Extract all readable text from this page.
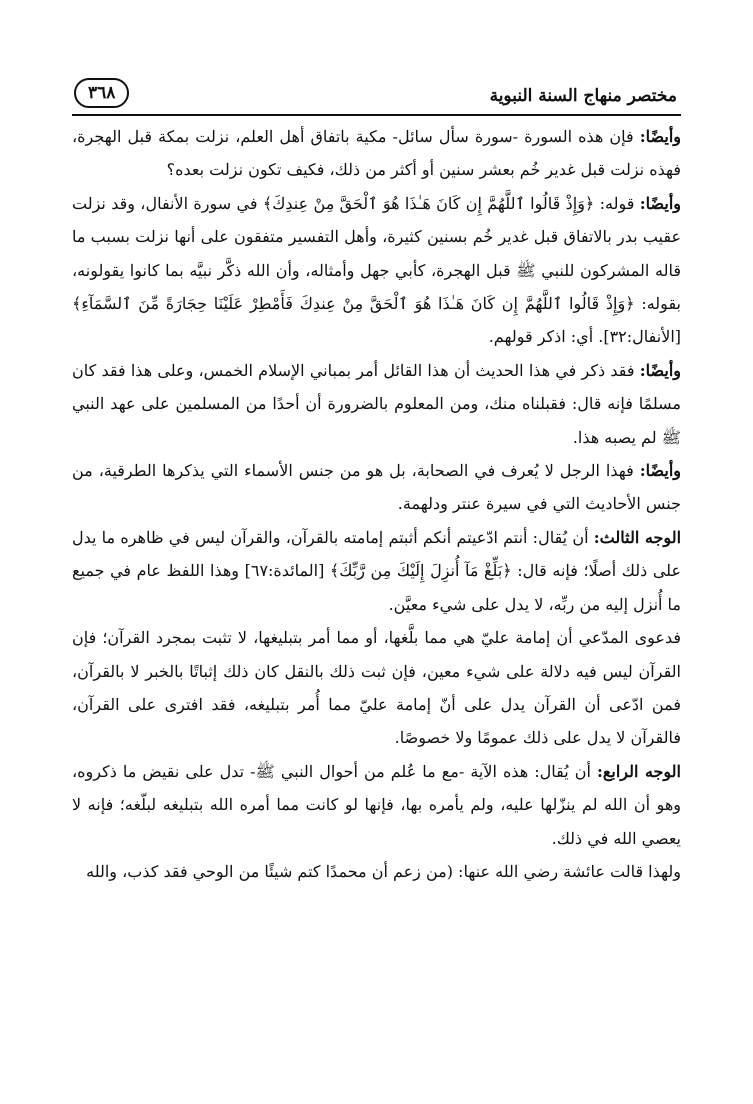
مختصر منهاج السنة النبوية
٣٦٨

وأيضًا: فإن هذه السورة -سورة سأل سائل- مكية باتفاق أهل العلم، نزلت بمكة قبل الهجرة، فهذه نزلت قبل غدير خُم بعشر سنين أو أكثر من ذلك، فكيف تكون نزلت بعده؟

وأيضًا: قوله: ﴿وَإِذْ قَالُوا ٱللَّهُمَّ إِن كَانَ هَـٰذَا هُوَ ٱلْحَقَّ مِنْ عِندِكَ﴾ في سورة الأنفال، وقد نزلت عقيب بدر بالاتفاق قبل غدير خُم بسنين كثيرة، وأهل التفسير متفقون على أنها نزلت بسبب ما قاله المشركون للنبي ﷺ قبل الهجرة، كأبي جهل وأمثاله، وأن الله ذكَّر نبيَّه بما كانوا يقولونه، بقوله: ﴿وَإِذْ قَالُوا ٱللَّهُمَّ إِن كَانَ هَـٰذَا هُوَ ٱلْحَقَّ مِنْ عِندِكَ فَأَمْطِرْ عَلَيْنَا حِجَارَةً مِّنَ ٱلسَّمَآءِ﴾ [الأنفال:٣٢]. أي: اذكر قولهم.

وأيضًا: فقد ذكر في هذا الحديث أن هذا القائل أمر بمباني الإسلام الخمس، وعلى هذا فقد كان مسلمًا فإنه قال: فقبلناه منك، ومن المعلوم بالضرورة أن أحدًا من المسلمين على عهد النبي ﷺ لم يصبه هذا.

وأيضًا: فهذا الرجل لا يُعرف في الصحابة، بل هو من جنس الأسماء التي يذكرها الطرقية، من جنس الأحاديث التي في سيرة عنتر ودلهمة.

الوجه الثالث: أن يُقال: أنتم ادّعيتم أنكم أثبتم إمامته بالقرآن، والقرآن ليس في ظاهره ما يدل على ذلك أصلًا؛ فإنه قال: ﴿بَلِّغْ مَآ أُنزِلَ إِلَيْكَ مِن رَّبِّكَ﴾ [المائدة:٦٧] وهذا اللفظ عام في جميع ما أُنزل إليه من ربِّه، لا يدل على شيء معيَّن.

فدعوى المدّعي أن إمامة عليّ هي مما بلَّغها، أو مما أمر بتبليغها، لا تثبت بمجرد القرآن؛ فإن القرآن ليس فيه دلالة على شيء معين، فإن ثبت ذلك بالنقل كان ذلك إثباتًا بالخبر لا بالقرآن، فمن ادّعى أن القرآن يدل على أنّ إمامة عليّ مما أُمر بتبليغه، فقد افترى على القرآن، فالقرآن لا يدل على ذلك عمومًا ولا خصوصًا.

الوجه الرابع: أن يُقال: هذه الآية -مع ما عُلم من أحوال النبي ﷺ- تدل على نقيض ما ذكروه، وهو أن الله لم ينزّلها عليه، ولم يأمره بها، فإنها لو كانت مما أمره الله بتبليغه لبلّغه؛ فإنه لا يعصي الله في ذلك.

ولهذا قالت عائشة رضي الله عنها: (من زعم أن محمدًا كتم شيئًا من الوحي فقد كذب، والله
